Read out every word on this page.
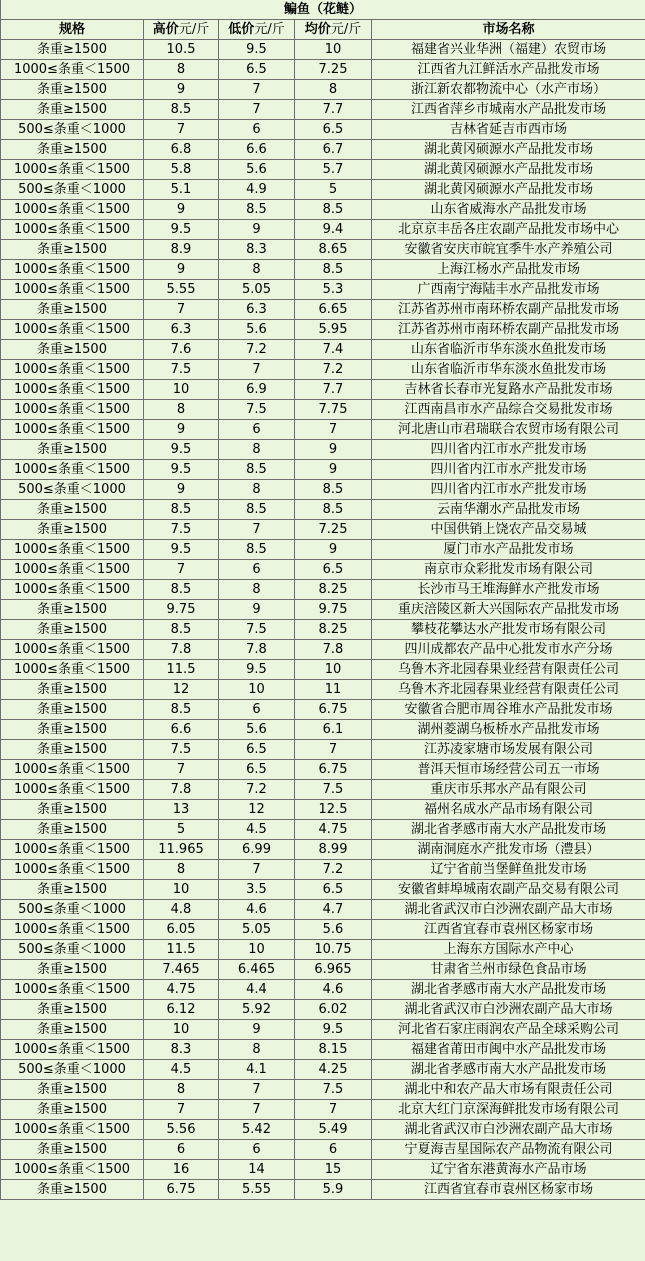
鳊鱼（花鲢）				
规格	高价元/斤	低价元/斤	均价元/斤	市场名称
条重≥1500	10.5	9.5	10	福建省兴业华洲（福建）农贸市场
1000≤条重＜1500	8	6.5	7.25	江西省九江鲜活水产品批发市场
条重≥1500	9	7	8	浙江新农都物流中心（水产市场）
条重≥1500	8.5	7	7.7	江西省萍乡市城南水产品批发市场
500≤条重＜1000	7	6	6.5	吉林省延吉市西市场
条重≥1500	6.8	6.6	6.7	湖北黄冈硕源水产品批发市场
1000≤条重＜1500	5.8	5.6	5.7	湖北黄冈硕源水产品批发市场
500≤条重＜1000	5.1	4.9	5	湖北黄冈硕源水产品批发市场
1000≤条重＜1500	9	8.5	8.5	山东省威海水产品批发市场
1000≤条重＜1500	9.5	9	9.4	北京京丰岳各庄农副产品批发市场中心
条重≥1500	8.9	8.3	8.65	安徽省安庆市皖宜季牛水产养殖公司
1000≤条重＜1500	9	8	8.5	上海江杨水产品批发市场
1000≤条重＜1500	5.55	5.05	5.3	广西南宁海陆丰水产品批发市场
条重≥1500	7	6.3	6.65	江苏省苏州市南环桥农副产品批发市场
1000≤条重＜1500	6.3	5.6	5.95	江苏省苏州市南环桥农副产品批发市场
条重≥1500	7.6	7.2	7.4	山东省临沂市华东淡水鱼批发市场
1000≤条重＜1500	7.5	7	7.2	山东省临沂市华东淡水鱼批发市场
1000≤条重＜1500	10	6.9	7.7	吉林省长春市光复路水产品批发市场
1000≤条重＜1500	8	7.5	7.75	江西南昌市水产品综合交易批发市场
1000≤条重＜1500	9	6	7	河北唐山市君瑞联合农贸市场有限公司
条重≥1500	9.5	8	9	四川省内江市水产批发市场
1000≤条重＜1500	9.5	8.5	9	四川省内江市水产批发市场
500≤条重＜1000	9	8	8.5	四川省内江市水产批发市场
条重≥1500	8.5	8.5	8.5	云南华潮水产品批发市场
条重≥1500	7.5	7	7.25	中国供销上饶农产品交易城
1000≤条重＜1500	9.5	8.5	9	厦门市水产品批发市场
1000≤条重＜1500	7	6	6.5	南京市众彩批发市场有限公司
1000≤条重＜1500	8.5	8	8.25	长沙市马王堆海鲜水产批发市场
条重≥1500	9.75	9	9.75	重庆涪陵区新大兴国际农产品批发市场
条重≥1500	8.5	7.5	8.25	攀枝花攀达水产批发市场有限公司
1000≤条重＜1500	7.8	7.8	7.8	四川成都农产品中心批发市水产分场
1000≤条重＜1500	11.5	9.5	10	乌鲁木齐北园春果业经营有限责任公司
条重≥1500	12	10	11	乌鲁木齐北园春果业经营有限责任公司
条重≥1500	8.5	6	6.75	安徽省合肥市周谷堆水产品批发市场
条重≥1500	6.6	5.6	6.1	湖州菱湖乌板桥水产品批发市场
条重≥1500	7.5	6.5	7	江苏凌家塘市场发展有限公司
1000≤条重＜1500	7	6.5	6.75	普洱天恒市场经营公司五一市场
1000≤条重＜1500	7.8	7.2	7.5	重庆市乐邦水产品有限公司
条重≥1500	13	12	12.5	福州名成水产品市场有限公司
条重≥1500	5	4.5	4.75	湖北省孝感市南大水产品批发市场
1000≤条重＜1500	11.965	6.99	8.99	湖南洞庭水产批发市场（澧县）
1000≤条重＜1500	8	7	7.2	辽宁省前当堡鲜鱼批发市场
条重≥1500	10	3.5	6.5	安徽省蚌埠城南农副产品交易有限公司
500≤条重＜1000	4.8	4.6	4.7	湖北省武汉市白沙洲农副产品大市场
1000≤条重＜1500	6.05	5.05	5.6	江西省宜春市袁州区杨家市场
500≤条重＜1000	11.5	10	10.75	上海东方国际水产中心
条重≥1500	7.465	6.465	6.965	甘肃省兰州市绿色食品市场
1000≤条重＜1500	4.75	4.4	4.6	湖北省孝感市南大水产品批发市场
条重≥1500	6.12	5.92	6.02	湖北省武汉市白沙洲农副产品大市场
条重≥1500	10	9	9.5	河北省石家庄雨润农产品全球采购公司
1000≤条重＜1500	8.3	8	8.15	福建省莆田市闽中水产品批发市场
500≤条重＜1000	4.5	4.1	4.25	湖北省孝感市南大水产品批发市场
条重≥1500	8	7	7.5	湖北中和农产品大市场有限责任公司
条重≥1500	7	7	7	北京大红门京深海鲜批发市场有限公司
1000≤条重＜1500	5.56	5.42	5.49	湖北省武汉市白沙洲农副产品大市场
条重≥1500	6	6	6	宁夏海吉星国际农产品物流有限公司
1000≤条重＜1500	16	14	15	辽宁省东港黄海水产品市场
条重≥1500	6.75	5.55	5.9	江西省宜春市袁州区杨家市场
